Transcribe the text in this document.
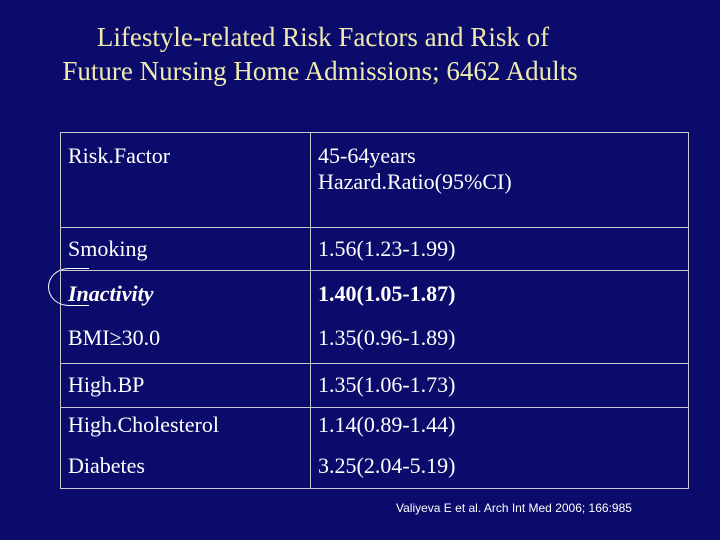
Lifestyle-related Risk Factors and Risk of
Future Nursing Home Admissions; 6462 Adults
Risk.Factor	45-64years
Hazard.Ratio(95%CI)

Smoking	1.56(1.23-1.99)
Inactivity	1.40(1.05-1.87)
BMI≥30.0	1.35(0.96-1.89)
High.BP	1.35(1.06-1.73)
High.Cholesterol	1.14(0.89-1.44)
Diabetes	3.25(2.04-5.19)
Valiyeva E et al. Arch Int Med 2006; 166:985
